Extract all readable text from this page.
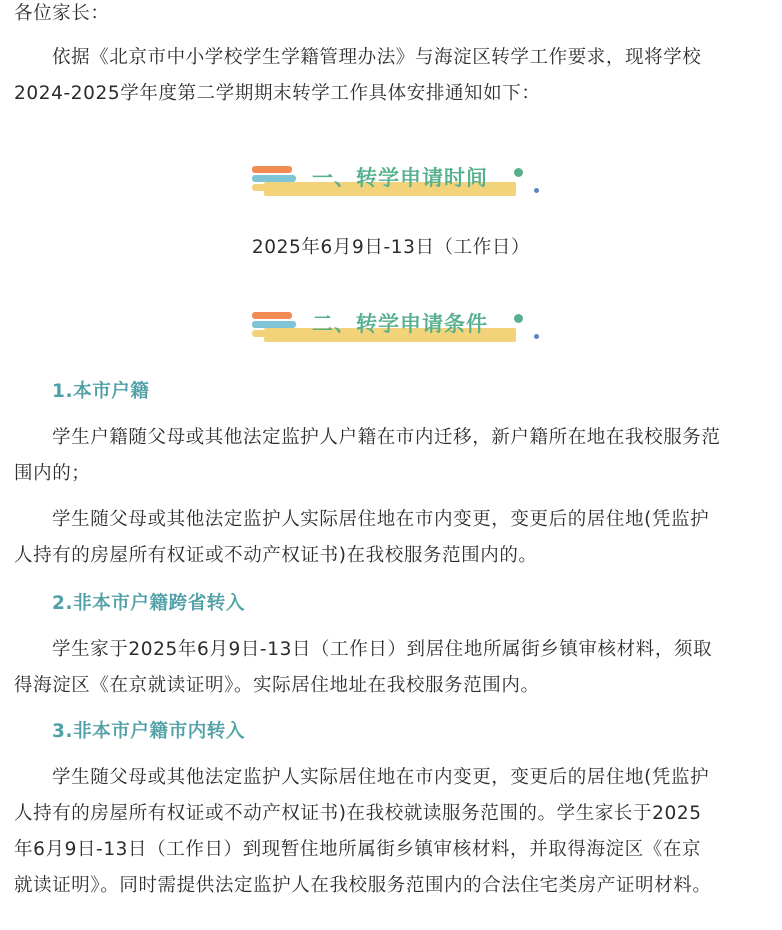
各位家长：
依据《北京市中小学校学生学籍管理办法》与海淀区转学工作要求，现将学校
2024-2025学年度第二学期期末转学工作具体安排通知如下：
一、转学申请时间
2025年6月9日-13日（工作日）
二、转学申请条件
1.本市户籍
学生户籍随父母或其他法定监护人户籍在市内迁移，新户籍所在地在我校服务范
围内的；
学生随父母或其他法定监护人实际居住地在市内变更，变更后的居住地(凭监护
人持有的房屋所有权证或不动产权证书)在我校服务范围内的。
2.非本市户籍跨省转入
学生家于2025年6月9日-13日（工作日）到居住地所属街乡镇审核材料，须取
得海淀区《在京就读证明》。实际居住地址在我校服务范围内。
3.非本市户籍市内转入
学生随父母或其他法定监护人实际居住地在市内变更，变更后的居住地(凭监护
人持有的房屋所有权证或不动产权证书)在我校就读服务范围的。学生家长于2025
年6月9日-13日（工作日）到现暂住地所属街乡镇审核材料，并取得海淀区《在京
就读证明》。同时需提供法定监护人在我校服务范围内的合法住宅类房产证明材料。
